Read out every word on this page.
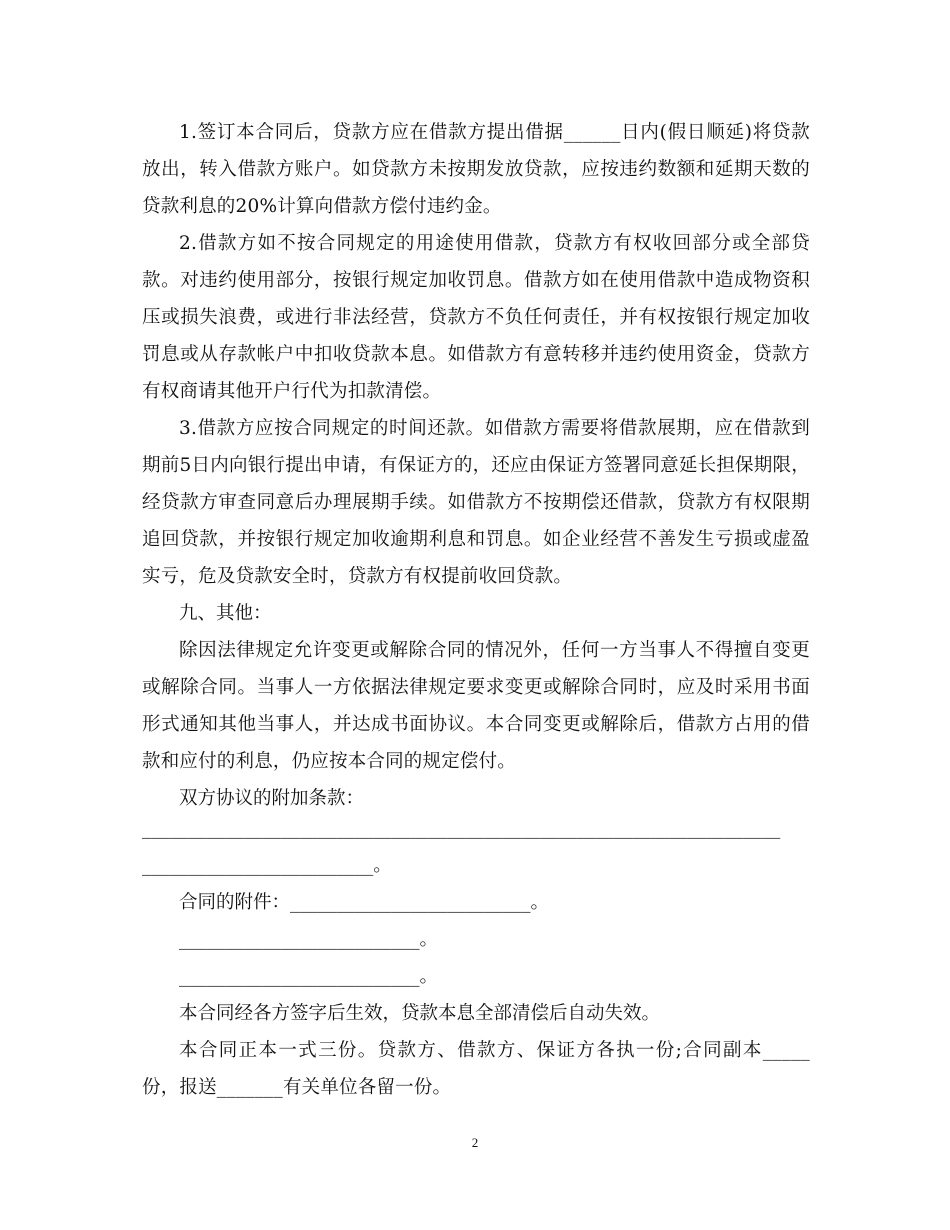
1.签订本合同后，贷款方应在借款方提出借据______日内(假日顺延)将贷款放出，转入借款方账户。如贷款方未按期发放贷款，应按违约数额和延期天数的贷款利息的20%计算向借款方偿付违约金。

2.借款方如不按合同规定的用途使用借款，贷款方有权收回部分或全部贷款。对违约使用部分，按银行规定加收罚息。借款方如在使用借款中造成物资积压或损失浪费，或进行非法经营，贷款方不负任何责任，并有权按银行规定加收罚息或从存款帐户中扣收贷款本息。如借款方有意转移并违约使用资金，贷款方有权商请其他开户行代为扣款清偿。

3.借款方应按合同规定的时间还款。如借款方需要将借款展期，应在借款到期前5日内向银行提出申请，有保证方的，还应由保证方签署同意延长担保期限，经贷款方审查同意后办理展期手续。如借款方不按期偿还借款，贷款方有权限期追回贷款，并按银行规定加收逾期利息和罚息。如企业经营不善发生亏损或虚盈实亏，危及贷款安全时，贷款方有权提前收回贷款。

九、其他：

除因法律规定允许变更或解除合同的情况外，任何一方当事人不得擅自变更或解除合同。当事人一方依据法律规定要求变更或解除合同时，应及时采用书面形式通知其他当事人，并达成书面协议。本合同变更或解除后，借款方占用的借款和应付的利息，仍应按本合同的规定偿付。

双方协议的附加条款：

_____________________________________________________________________

_________________________。

合同的附件：__________________________。

__________________________。

__________________________。

本合同经各方签字后生效，贷款本息全部清偿后自动失效。

本合同正本一式三份。贷款方、借款方、保证方各执一份;合同副本_____份，报送_______有关单位各留一份。

2
